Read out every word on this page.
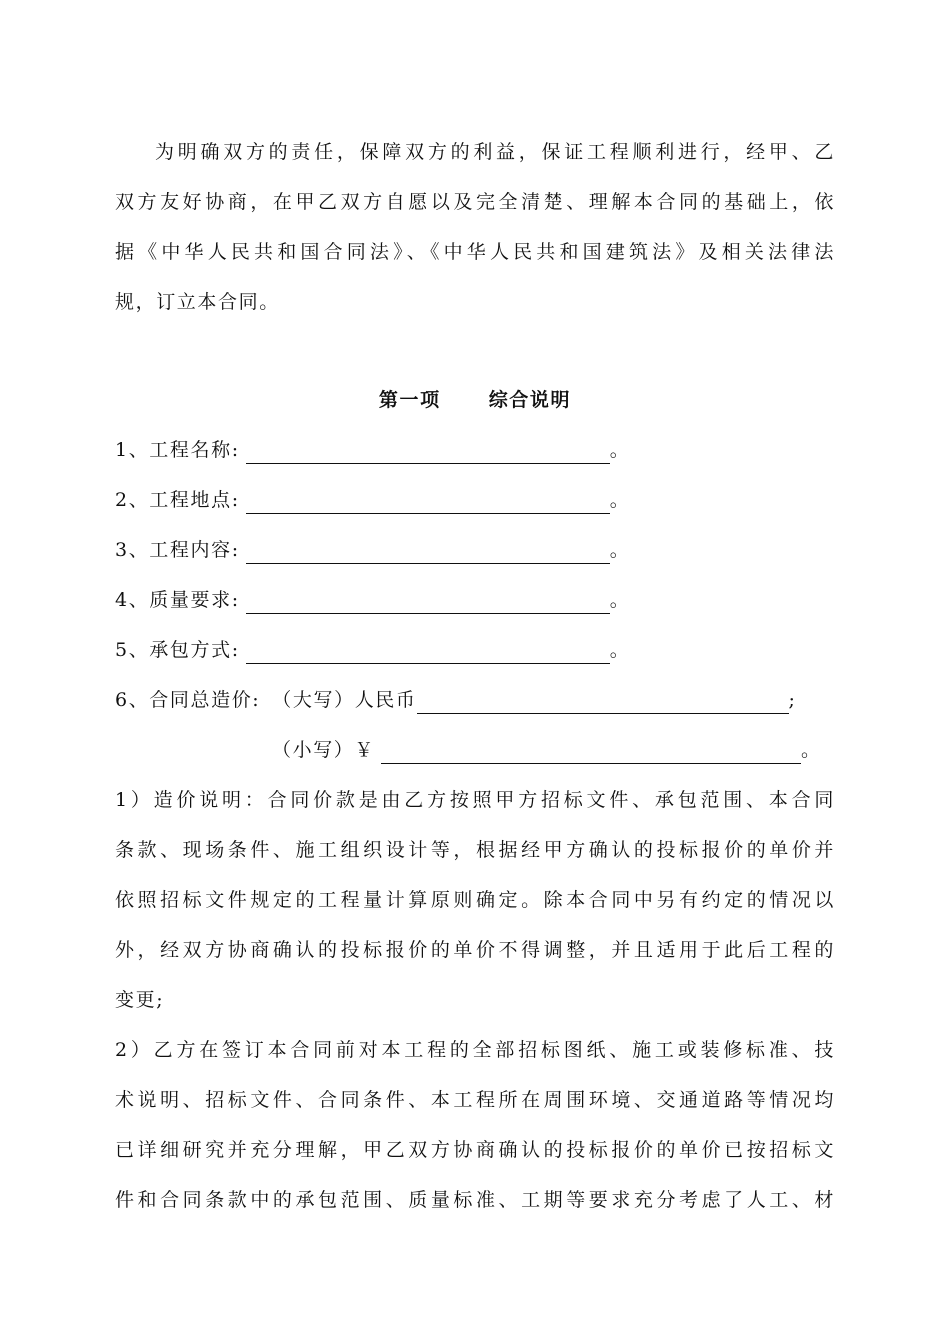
为明确双方的责任，保障双方的利益，保证工程顺利进行，经甲、乙
双方友好协商，在甲乙双方自愿以及完全清楚、理解本合同的基础上，依
据《中华人民共和国合同法》、《中华人民共和国建筑法》及相关法律法
规，订立本合同。
第一项	综合说明
1、工程名称:	。
2、工程地点:	。
3、工程内容:	。
4、质量要求:	。
5、承包方式:	。
6、合同总造价: （大写）人民币	;
（小写）￥	。
1）造价说明：合同价款是由乙方按照甲方招标文件、承包范围、本合同
条款、现场条件、施工组织设计等，根据经甲方确认的投标报价的单价并
依照招标文件规定的工程量计算原则确定。除本合同中另有约定的情况以
外，经双方协商确认的投标报价的单价不得调整，并且适用于此后工程的
变更;
2）乙方在签订本合同前对本工程的全部招标图纸、施工或装修标准、技
术说明、招标文件、合同条件、本工程所在周围环境、交通道路等情况均
已详细研究并充分理解，甲乙双方协商确认的投标报价的单价已按招标文
件和合同条款中的承包范围、质量标准、工期等要求充分考虑了人工、材
